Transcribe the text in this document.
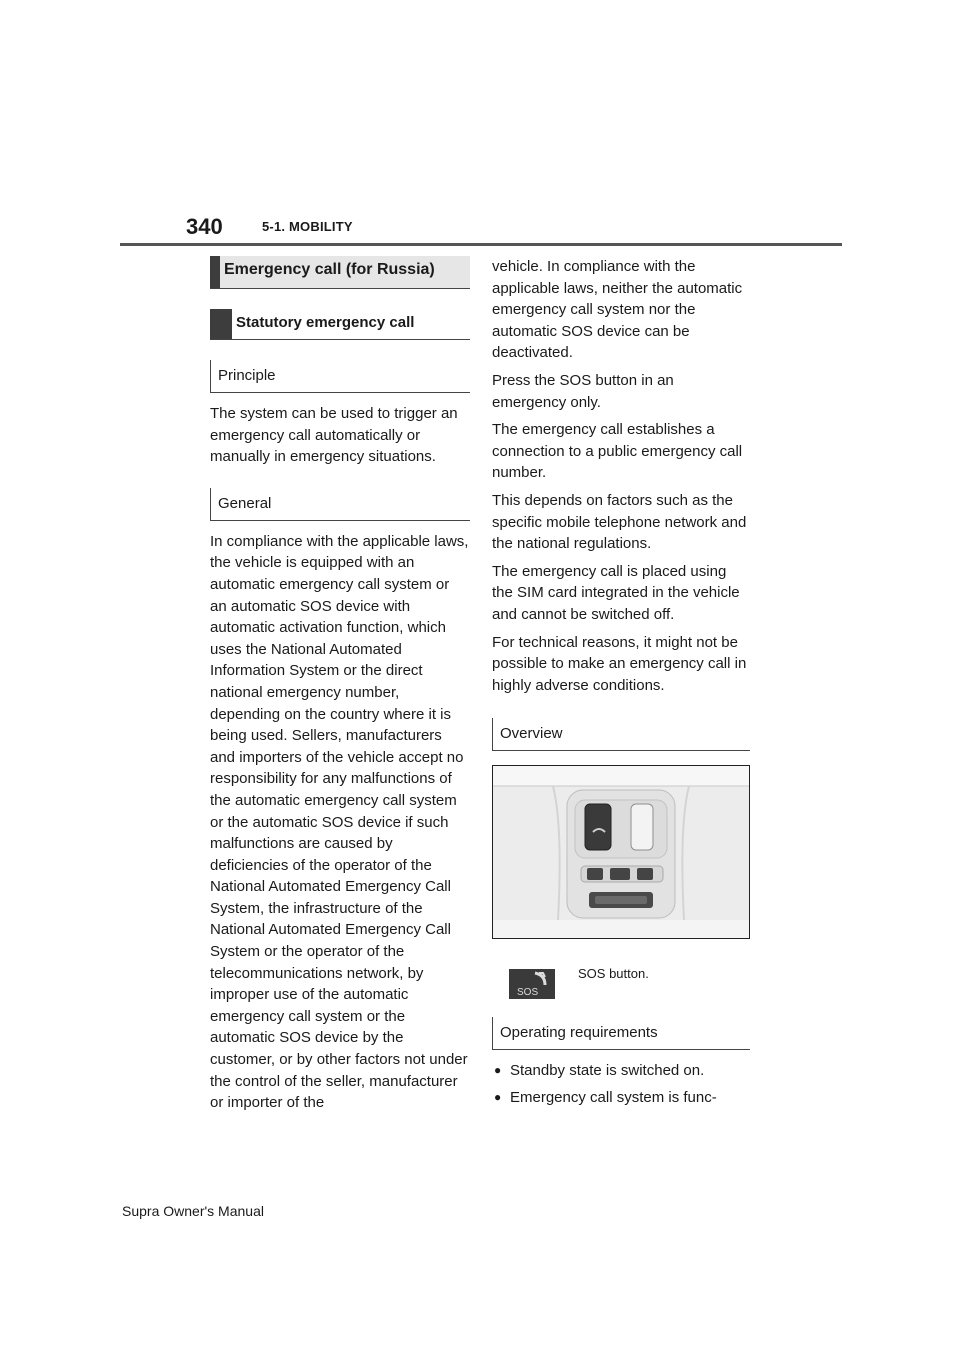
340	5-1. MOBILITY
Emergency call (for Russia)
Statutory emergency call
Principle

The system can be used to trigger an emergency call automatically or manually in emergency situations.

General

In compliance with the applicable laws, the vehicle is equipped with an automatic emergency call system or an automatic SOS device with automatic activation function, which uses the National Automated Information System or the direct national emergency number, depending on the country where it is being used. Sellers, manufacturers and importers of the vehicle accept no responsibility for any malfunctions of the automatic emergency call system or the automatic SOS device if such malfunctions are caused by deficiencies of the operator of the National Automated Emergency Call System, the infrastructure of the National Automated Emergency Call System or the operator of the telecommunications network, by improper use of the automatic emergency call system or the automatic SOS device by the customer, or by other factors not under the control of the seller, manufacturer or importer of the

vehicle. In compliance with the applicable laws, neither the automatic emergency call system nor the automatic SOS device can be deactivated.

Press the SOS button in an emergency only.

The emergency call establishes a connection to a public emergency call number.

This depends on factors such as the specific mobile telephone network and the national regulations.

The emergency call is placed using the SIM card integrated in the vehicle and cannot be switched off.

For technical reasons, it might not be possible to make an emergency call in highly adverse conditions.

Overview
SOS
SOS button.
Operating requirements
● Standby state is switched on.
● Emergency call system is func-
Supra Owner's Manual
